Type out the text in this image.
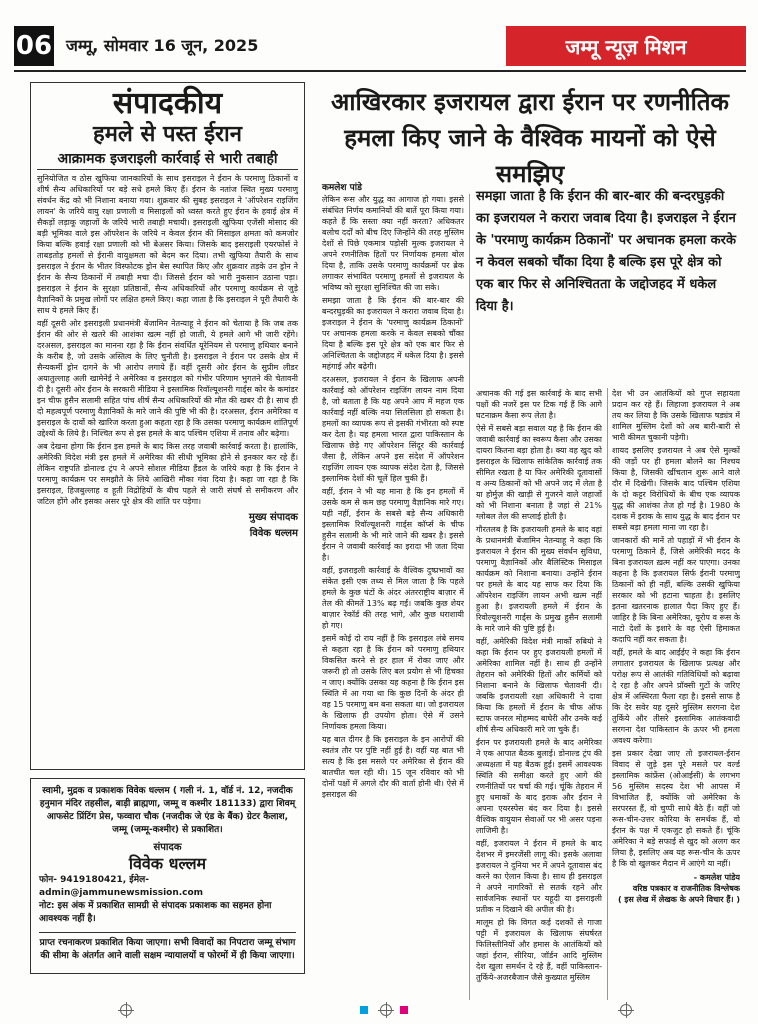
06 जम्मू, सोमवार 16 जून, 2025	जम्मू न्यूज़ मिशन
संपादकीय
हमले से पस्त ईरान
आक्रामक इजराइली कार्रवाई से भारी तबाही

सुनियोजित व ठोस खुफिया जानकारियों के साथ इसराइल ने ईरान के परमाणु ठिकानों व शीर्ष सैन्य अधिकारियों पर बड़े सधे हमले किए हैं। ईरान के नतांज स्थित मुख्य परमाणु संवर्धन केंद्र को भी निशाना बनाया गया। शुक्रवार की सुबह इसराइल ने 'ऑपरेशन राइजिंग लायन' के जरिये वायु रक्षा प्रणाली व मिसाइलों को ध्वस्त करते हुए ईरान के हवाई क्षेत्र में सैकड़ों लड़ाकू जहाजों के जरिये भारी तबाही मचायी। इसराइली खुफिया एजेंसी मोसाद की बड़ी भूमिका वाले इस ऑपरेशन के जरिये न केवल ईरान की मिसाइल क्षमता को कमजोर किया बल्कि हवाई रक्षा प्रणाली को भी बेअसर किया। जिसके बाद इसराइली एयरफोर्स ने ताबड़तोड़ हमलों से ईरानी वायुक्षमता को बेदम कर दिया। तभी खुफिया तैयारी के साथ इसराइल ने ईरान के भीतर विस्फोटक ड्रोन बेस स्थापित किए और शुक्रवार तड़के उन ड्रोन ने ईरान के सैन्य ठिकानों में तबाही मचा दी। जिससे ईरान को भारी नुकसान उठाना पड़ा। इसराइल ने ईरान के सुरक्षा प्रतिष्ठानों, सैन्य अधिकारियों और परमाणु कार्यक्रम से जुड़े वैज्ञानिकों के प्रमुख लोगों पर लक्षित हमले किए। कहा जाता है कि इसराइल ने पूरी तैयारी के साथ ये हमले किए हैं।

वहीं दूसरी ओर इसराइली प्रधानमंत्री बेंजामिन नेतन्याहू ने ईरान को चेताया है कि जब तक ईरान की ओर से खतरे की आशंका खत्म नहीं हो जाती, ये हमले आगे भी जारी रहेंगे। दरअसल, इसराइल का मानना रहा है कि ईरान संवर्धित यूरेनियम से परमाणु हथियार बनाने के करीब है, जो उसके अस्तित्व के लिए चुनौती है। इसराइल ने ईरान पर उसके क्षेत्र में सैन्यकर्मी ड्रोन दागने के भी आरोप लगाये हैं। वहीं दूसरी ओर ईरान के सुप्रीम लीडर अयातुल्लाह अली खामेनेई ने अमेरिका व इसराइल को गंभीर परिणाम भुगतने की चेतावनी दी है। दूसरी ओर ईरान के सरकारी मीडिया ने इस्लामिक रिवॉल्यूशनरी गार्ड्स कोर के कमांडर इन चीफ हुसैन सलामी सहित पांच शीर्ष सैन्य अधिकारियों की मौत की खबर दी है। साथ ही दो महत्वपूर्ण परमाणु वैज्ञानिकों के मारे जाने की पुष्टि भी की है। दरअसल, ईरान अमेरिका व इसराइल के दावों को खारिज करता हुआ कहता रहा है कि उसका परमाणु कार्यक्रम शांतिपूर्ण उद्देश्यों के लिये है। निश्चित रूप से इस हमले के बाद पश्चिम एशिया में तनाव और बढ़ेगा।

अब देखना होगा कि ईरान इस हमले के बाद किस तरह जवाबी कार्रवाई करता है। हालांकि, अमेरिकी विदेश मंत्री इस हमले में अमेरिका की सीधी भूमिका होने से इनकार कर रहे हैं। लेकिन राष्ट्रपति डोनाल्ड ट्रंप ने अपने सोशल मीडिया हैंडल के जरिये कहा है कि ईरान ने परमाणु कार्यक्रम पर समझौते के लिये आखिरी मौका गंवा दिया है। कहा जा रहा है कि इसराइल, हिजबुल्लाह व हूती विद्रोहियों के बीच पहले से जारी संघर्ष से समीकरण और जटिल होंगे और इसका असर पूरे क्षेत्र की शांति पर पड़ेगा।

मुख्य संपादक
विवेक धल्लम
स्वामी, मुद्रक व प्रकाशक विवेक धल्लम ( गली नं. 1, वॉर्ड नं. 12, नजदीक हनुमान मंदिर तहसील, बाड़ी ब्राह्मणा, जम्मू व कश्मीर 181133) द्वारा शिवम् आफसेट प्रिंटिंग प्रेस, फव्वारा चौक (नजदीक जे एंड के बैंक) ग्रेटर कैलाश, जम्मू (जम्मू-कश्मीर) से प्रकाशित।
संपादक
विवेक धल्लम
फोन- 9419180421, ईमेल- admin@jammunewsmission.com
नोट: इस अंक में प्रकाशित सामग्री से संपादक प्रकाशक का सहमत होना आवश्यक नहीं है।
प्राप्त रचनाकरण प्रकाशित किया जाएगा। सभी विवादों का निपटारा जम्मू संभाग की सीमा के अंतर्गत आने वाली सक्षम न्यायालयों व फोरमों में ही किया जाएगा।
आखिरकार इजरायल द्वारा ईरान पर रणनीतिक हमला किए जाने के वैश्विक मायनों को ऐसे समझिए
कमलेश पांडे
समझा जाता है कि ईरान की बार-बार की बन्दरघुड़की का इजरायल ने करारा जवाब दिया है। इजराइल ने ईरान के 'परमाणु कार्यक्रम ठिकानों' पर अचानक हमला करके न केवल सबको चौंका दिया है बल्कि इस पूरे क्षेत्र को एक बार फिर से अनिश्चितता के जद्दोजहद में धकेल दिया है।

लेकिन रूस और युद्ध का आगाज हो गया। इससे संबंधित निर्णय कमानियों की बातें पूरा किया गया। कहते हैं कि सस्ता क्या नहीं करता? अधिकतर बलोच दर्दों को बीच दिए जिन्होंने की तरह मुस्लिम देशों से पिछे एकमात्र पड़ोसी मुल्क इजरायल ने अपने रणनीतिक हितों पर निर्णायक हमला बोल दिया है, ताकि उसके परमाणु कार्यक्रमों पर ब्रेक लगाकर संभावित परमाणु हमलों से इजरायल के भविष्य को सुरक्षा सुनिश्चित की जा सके।

समझा जाता है कि ईरान की बार-बार की बन्दरघुड़की का इजरायल ने करारा जवाब दिया है। इजराइल ने ईरान के 'परमाणु कार्यक्रम ठिकानों' पर अचानक हमला करके न केवल सबको चौंका दिया है बल्कि इस पूरे क्षेत्र को एक बार फिर से अनिश्चितता के जद्दोजहद में धकेल दिया है। इससे महंगाई और बढ़ेगी।

दरअसल, इजरायल ने ईरान के खिलाफ अपनी कार्रवाई को ऑपरेशन राइजिंग लायन नाम दिया है, जो बताता है कि यह अपने आप में महज एक कार्रवाई नहीं बल्कि नया सिलसिला हो सकता है। हमलों का व्यापक रूप से इसकी गंभीरता को स्पष्ट कर देता है। यह हमला भारत द्वारा पाकिस्तान के खिलाफ छेड़े गए ऑपरेशन सिंदूर की कार्रवाई जैसा है, लेकिन अपने इस संदेश में ऑपरेशन राइजिंग लायन एक व्यापक संदेश देता है, जिससे इस्लामिक देशों की चूलें हिल चुकी हैं।

वहीं, ईरान ने भी यह माना है कि इन हमलों में उसके कम से कम छह परमाणु वैज्ञानिक मारे गए। यही नहीं, ईरान के सबसे बड़े सैन्य अधिकारी इस्लामिक रिवॉल्यूशनरी गार्ड्स कॉर्प्स के चीफ हुसैन सलामी के भी मारे जाने की खबर है। इससे ईरान ने जवाबी कार्रवाई का इरादा भी जता दिया है।

वहीं, इजराइली कार्रवाई के वैश्विक दुष्प्रभावों का संकेत इसी एक तथ्य से मिल जाता है कि पहले हमले के कुछ घंटों के अंदर अंतरराष्ट्रीय बाज़ार में तेल की कीमतें 13% बढ़ गईं। जबकि कुछ शेयर बाज़ार रेकॉर्ड की तरह भागे, और कुछ धराशायी हो गए।

इसमें कोई दो राय नहीं है कि इसराइल लंबे समय से कहता रहा है कि ईरान को परमाणु हथियार विकसित करने से हर हाल में रोका जाए और जरूरी हो तो उसके लिए बल प्रयोग से भी हिचका न जाए। क्योंकि उसका यह कहना है कि ईरान इस स्थिति में आ गया था कि कुछ दिनों के अंदर ही वह 15 परमाणु बम बना सकता था। जो इजरायल के खिलाफ ही उपयोग होता। ऐसे में उसने निर्णायक हमला किया।

यह बात दीगर है कि इसराइल के इन आरोपों की स्वतंत्र तौर पर पुष्टि नहीं हुई है। वहीं यह बात भी सत्य है कि इस मसले पर अमेरिका से ईरान की बातचीत चल रही थी। 15 जून रविवार को भी दोनों पक्षों में अगले दौर की वार्ता होनी थी। ऐसे में इसराइल की

अचानक की गई इस कार्रवाई के बाद सभी पक्षों की नजरें इस पर टिक गई हैं कि आगे घटनाक्रम कैसा रूप लेता है।

ऐसे में सबसे बड़ा सवाल यह है कि ईरान की जवाबी कार्रवाई का स्वरूप कैसा और उसका दायरा कितना बड़ा होता है। क्या वह खुद को इसराइल के खिलाफ सांकेतिक कार्रवाई तक सीमित रखता है या फिर अमेरिकी दूतावासों व अन्य ठिकानों को भी अपने जद में लेता है या होर्मुज़ की खाड़ी से गुजरने वाले जहाजों को भी निशाना बनाता है जहां से 21% ग्लोबल तेल की सप्लाई होती है।

गौरतलब है कि इजरायली हमले के बाद वहां के प्रधानमंत्री बेंजामिन नेतन्याहू ने कहा कि इजरायल ने ईरान की मुख्य संवर्धन सुविधा, परमाणु वैज्ञानिकों और बैलिस्टिक मिसाइल कार्यक्रम को निशाना बनाया। उन्होंने ईरान पर हमले के बाद यह साफ कर दिया कि ऑपरेशन राइजिंग लायन अभी खत्म नहीं हुआ है। इजरायली हमले में ईरान के रिवोल्यूशनरी गार्ड्स के प्रमुख हुसैन सलामी के मारे जाने की पुष्टि हुई है।

वहीं, अमेरिकी विदेश मंत्री मार्को रुबियो ने कहा कि ईरान पर हुए इजरायली हमलों में अमेरिका शामिल नहीं है। साथ ही उन्होंने तेहरान को अमेरिकी हितों और कर्मियों को निशाना बनाने के खिलाफ चेतावनी दी। जबकि इजरायली रक्षा अधिकारी ने दावा किया कि हमलों में ईरान के चीफ ऑफ स्टाफ जनरल मोहम्मद बाघेरी और उनके कई शीर्ष सैन्य अधिकारी मारे जा चुके हैं।

ईरान पर इजरायली हमले के बाद अमेरिका ने एक आपात बैठक बुलाई। डोनाल्ड ट्रंप की अध्यक्षता में यह बैठक हुई। इसमें आवश्यक स्थिति की समीक्षा करते हुए आगे की रणनीतियों पर चर्चा की गई। चूंकि तेहरान में हुए धमाकों के बाद इराक और ईरान ने अपना एयरस्पेस बंद कर दिया है। इससे वैश्विक वायुयान सेवाओं पर भी असर पड़ना लाजिमी है।

वहीं, इजरायल ने ईरान में हमले के बाद देशभर में इमरजेंसी लागू की। इसके अलावा इजरायल ने दुनिया भर में अपने दूतावास बंद करने का ऐलान किया है। साथ ही इसराइल ने अपने नागरिकों से सतर्क रहने और सार्वजनिक स्थानों पर यहूदी या इसराइली प्रतीक न दिखाने की अपील की है।

मालूम हो कि विगत कई दशकों से गाजा पट्टी में इजरायल के खिलाफ संघर्षरत फिलिस्तीनियों और हमास के आतंकियों को जहां ईरान, सीरिया, जॉर्डन आदि मुस्लिम देश खुला समर्थन दे रहे हैं, वहीं पाकिस्तान-तुर्किये-अजरबैजान जैसे कुख्यात मुस्लिम

देश भी उन आतंकियों को गुप्त सहायता प्रदान कर रहे हैं। लिहाजा इजरायल ने अब तय कर लिया है कि उसके खिलाफ षड्यंत्र में शामिल मुस्लिम देशों को अब बारी-बारी से भारी कीमत चुकानी पड़ेगी।

शायद इसलिए इजरायल ने अब ऐसे मुल्कों की जड़ों पर ही हमला बोलने का निश्चय किया है, जिसकी खींचतान शुरू आने वाले दौर में दिखेगी। जिसके बाद पश्चिम एशिया के दो कट्टर विरोधियों के बीच एक व्यापक युद्ध की आशंका तेज हो गई है। 1980 के दशक में इराक के साथ युद्ध के बाद ईरान पर सबसे बड़ा हमला माना जा रहा है।

जानकारों की मानें तो पहाड़ों में भी ईरान के परमाणु ठिकाने हैं, जिसे अमेरिकी मदद के बिना इजरायल ख़त्म नहीं कर पाएगा। उनका कहना है कि इजरायल सिर्फ ईरानी परमाणु ठिकानों को ही नहीं, बल्कि उसकी खुफिया सरकार को भी हटाना चाहता है। इसलिए इतना खतरनाक हालात पैदा किए हुए हैं। जाहिर है कि बिना अमेरिका, यूरोप व रूस के नाटो देशों के इशारे के वह ऐसी हिमाकत कदापि नहीं कर सकता है।

वहीं, हमले के बाद आईईए ने कहा कि ईरान लगातार इजरायल के खिलाफ प्रत्यक्ष और परोक्ष रूप से आतंकी गतिविधियों को बढ़ावा दे रहा है और अपने प्रॉक्सी गुटों के जरिए क्षेत्र में अस्थिरता फैला रहा है। इससे साफ है कि देर सवेर यह दूसरे मुस्लिम सरगना देश तुर्किये और तीसरे इस्लामिक आतंकवादी सरगना देश पाकिस्तान के ऊपर भी हमला अवश्य करेगा।

इस प्रकार देखा जाए तो इजरायल-ईरान विवाद से जुड़े इस पूरे मसले पर वर्ल्ड इस्लामिक कांफ्रेंस (ओआईसी) के लगभग 56 मुस्लिम सदस्य देश भी आपस में विभाजित हैं, क्योंकि जो अमेरिका के सरपरस्त हैं, वो चुप्पी साधे बैठे हैं। वहीं जो रूस-चीन-उत्तर कोरिया के समर्थक हैं, वो ईरान के पक्ष में एकजुट हो सकते हैं। चूंकि अमेरिका ने बड़े सफाई से खुद को अलग कर लिया है, इसलिए अब यह रूस-चीन के ऊपर है कि वो खुलकर मैदान में आएंगे या नहीं।

- कमलेश पांडेय
वरिष्ठ पत्रकार व राजनीतिक विश्लेषक
( इस लेख में लेखक के अपने विचार हैं। )
